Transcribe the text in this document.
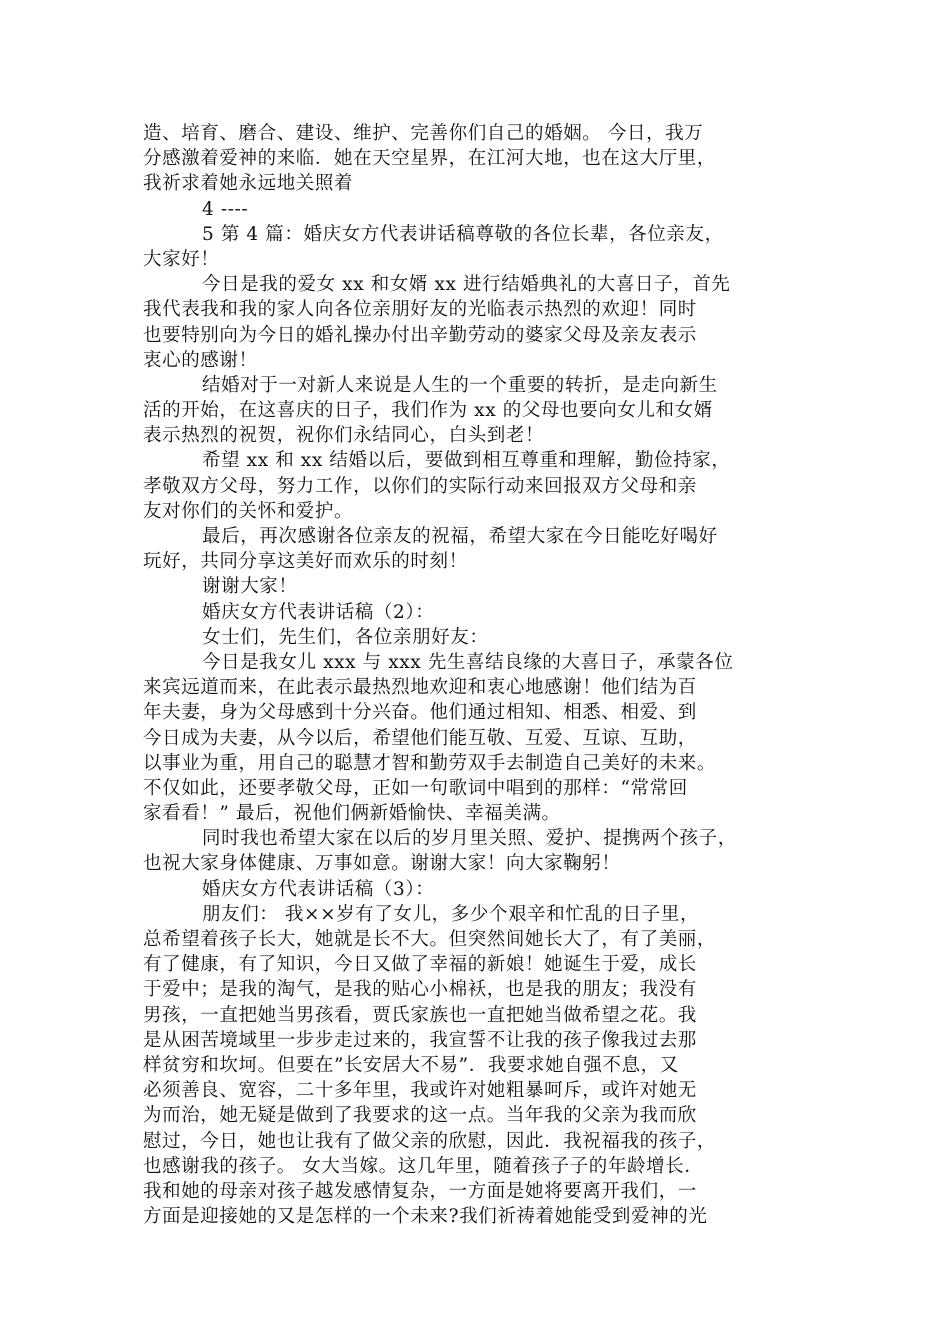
造、培育、磨合、建设、维护、完善你们自己的婚姻。 今日，我万
分感激着爱神的来临．她在天空星界，在江河大地，也在这大厅里，
我祈求着她永远地关照着
4 ----
5 第 4 篇：婚庆女方代表讲话稿尊敬的各位长辈，各位亲友，
大家好！
今日是我的爱女 xx 和女婿 xx 进行结婚典礼的大喜日子，首先
我代表我和我的家人向各位亲朋好友的光临表示热烈的欢迎！同时
也要特别向为今日的婚礼操办付出辛勤劳动的婆家父母及亲友表示
衷心的感谢！
结婚对于一对新人来说是人生的一个重要的转折，是走向新生
活的开始，在这喜庆的日子，我们作为 xx 的父母也要向女儿和女婿
表示热烈的祝贺，祝你们永结同心，白头到老！
希望 xx 和 xx 结婚以后，要做到相互尊重和理解，勤俭持家，
孝敬双方父母，努力工作，以你们的实际行动来回报双方父母和亲
友对你们的关怀和爱护。
最后，再次感谢各位亲友的祝福，希望大家在今日能吃好喝好
玩好，共同分享这美好而欢乐的时刻！
谢谢大家！
婚庆女方代表讲话稿（2）：
女士们，先生们，各位亲朋好友：
今日是我女儿 xxx 与 xxx 先生喜结良缘的大喜日子，承蒙各位
来宾远道而来，在此表示最热烈地欢迎和衷心地感谢！他们结为百
年夫妻，身为父母感到十分兴奋。他们通过相知、相悉、相爱、到
今日成为夫妻，从今以后，希望他们能互敬、互爱、互谅、互助，
以事业为重，用自己的聪慧才智和勤劳双手去制造自己美好的未来。
不仅如此，还要孝敬父母，正如一句歌词中唱到的那样：“常常回
家看看！” 最后，祝他们俩新婚愉快、幸福美满。
同时我也希望大家在以后的岁月里关照、爱护、提携两个孩子，
也祝大家身体健康、万事如意。谢谢大家！向大家鞠躬！
婚庆女方代表讲话稿（3）：
朋友们： 我××岁有了女儿，多少个艰辛和忙乱的日子里，
总希望着孩子长大，她就是长不大。但突然间她长大了，有了美丽，
有了健康，有了知识，今日又做了幸福的新娘！她诞生于爱，成长
于爱中；是我的淘气，是我的贴心小棉袄，也是我的朋友；我没有
男孩，一直把她当男孩看，贾氏家族也一直把她当做希望之花。我
是从困苦境域里一步步走过来的，我宣誓不让我的孩子像我过去那
样贫穷和坎坷。但要在”长安居大不易”．我要求她自强不息，又
必须善良、宽容，二十多年里，我或许对她粗暴呵斥，或许对她无
为而治，她无疑是做到了我要求的这一点。当年我的父亲为我而欣
慰过，今日，她也让我有了做父亲的欣慰，因此．我祝福我的孩子，
也感谢我的孩子。 女大当嫁。这几年里，随着孩子子的年龄增长．
我和她的母亲对孩子越发感情复杂，一方面是她将要离开我们，一
方面是迎接她的又是怎样的一个未来?我们祈祷着她能受到爱神的光
